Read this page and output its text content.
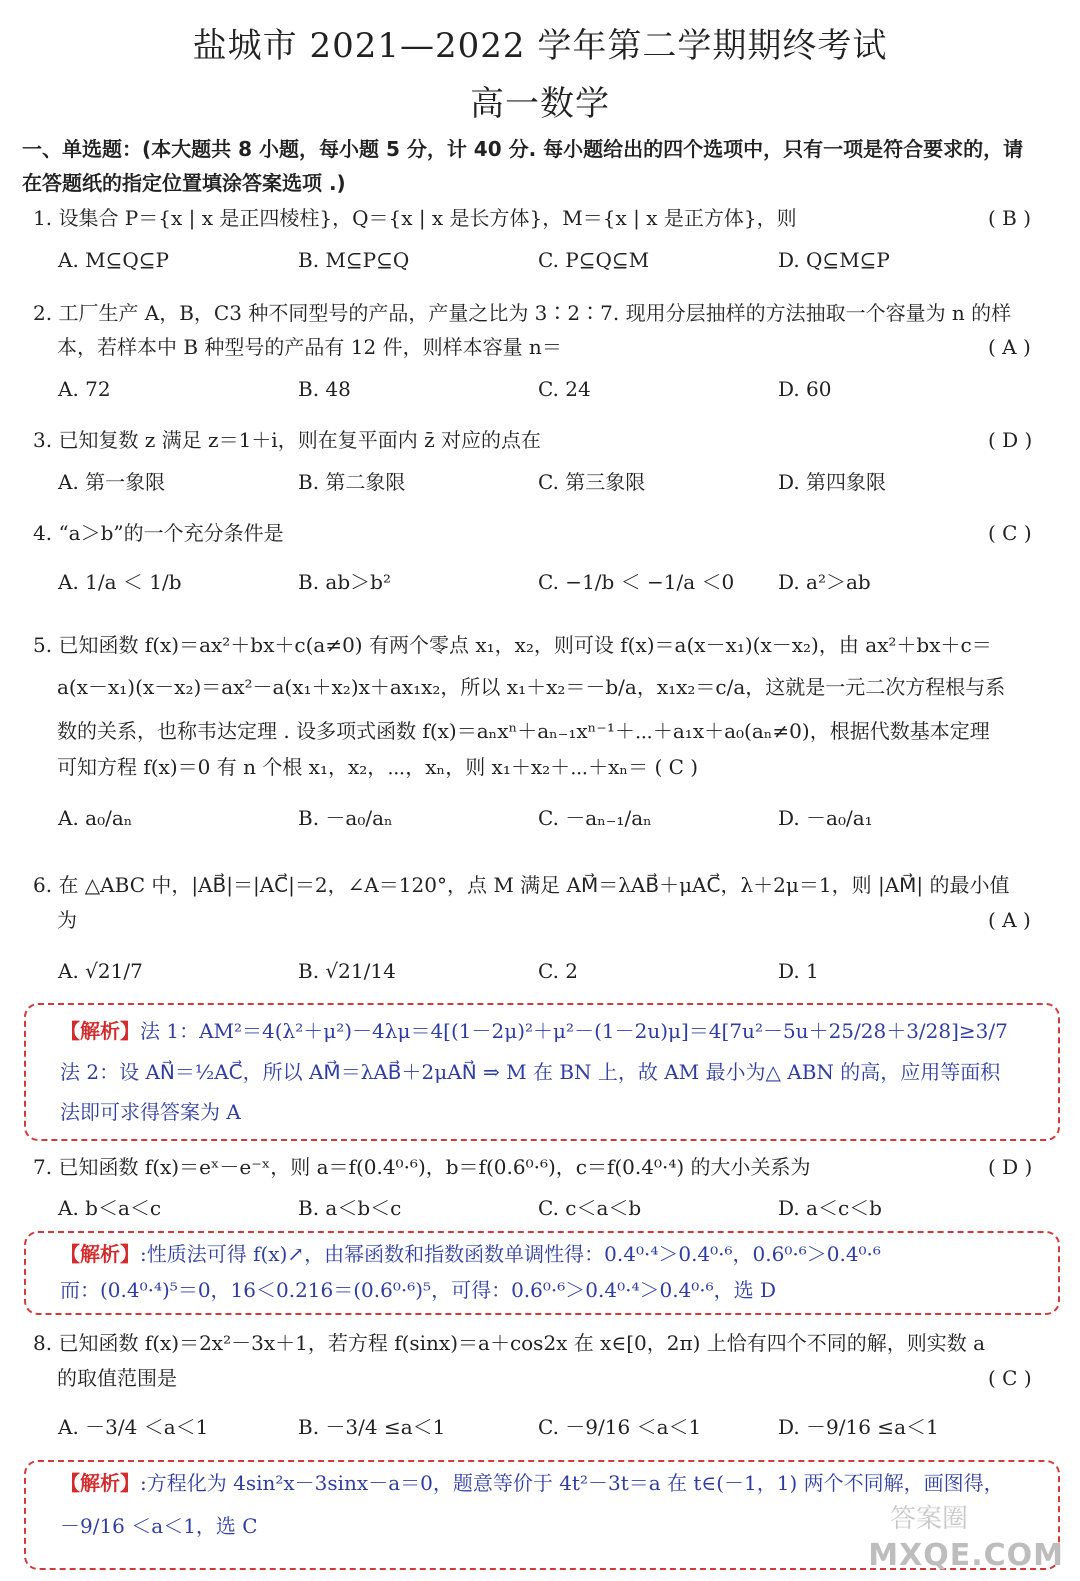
盐城市 2021—2022 学年第二学期期终考试
高一数学
一、单选题：(本大题共 8 小题，每小题 5 分，计 40 分. 每小题给出的四个选项中，只有一项是符合要求的，请
在答题纸的指定位置填涂答案选项 .)
1. 设集合 P＝{x | x 是正四棱柱}，Q＝{x | x 是长方体}，M＝{x | x 是正方体}，则	( B )
A. M⊆Q⊆P	B. M⊆P⊆Q	C. P⊆Q⊆M	D. Q⊆M⊆P
2. 工厂生产 A，B，C3 种不同型号的产品，产量之比为 3∶2∶7. 现用分层抽样的方法抽取一个容量为 n 的样
本，若样本中 B 种型号的产品有 12 件，则样本容量 n＝	( A )
A. 72	B. 48	C. 24	D. 60
3. 已知复数 z 满足 z＝1＋i，则在复平面内 z̄ 对应的点在	( D )
A. 第一象限	B. 第二象限	C. 第三象限	D. 第四象限
4. “a＞b”的一个充分条件是	( C )
A. 1/a ＜ 1/b	B. ab＞b²	C. −1/b ＜ −1/a ＜0 D. a²＞ab
5. 已知函数 f(x)＝ax²＋bx＋c(a≠0) 有两个零点 x₁，x₂，则可设 f(x)＝a(x－x₁)(x－x₂)，由 ax²＋bx＋c＝
a(x－x₁)(x－x₂)＝ax²－a(x₁＋x₂)x＋ax₁x₂，所以 x₁＋x₂＝－b/a，x₁x₂＝c/a，这就是一元二次方程根与系
数的关系，也称韦达定理 . 设多项式函数 f(x)＝aₙxⁿ＋aₙ₋₁xⁿ⁻¹＋⋯＋a₁x＋a₀(aₙ≠0)，根据代数基本定理
可知方程 f(x)＝0 有 n 个根 x₁，x₂，⋯，xₙ，则 x₁＋x₂＋⋯＋xₙ＝ ( C )
A. a₀/aₙ	B. －a₀/aₙ	C. －aₙ₋₁/aₙ	D. －a₀/a₁
6. 在 △ABC 中，|AB⃗|＝|AC⃗|＝2，∠A＝120°，点 M 满足 AM⃗＝λAB⃗＋μAC⃗，λ＋2μ＝1，则 |AM⃗| 的最小值
为	( A )
A. √21/7	B. √21/14	C. 2	D. 1
【解析】法 1：AM²＝4(λ²＋μ²)－4λμ＝4[(1－2μ)²＋μ²－(1－2u)μ]＝4[7u²－5u＋25/28＋3/28]≥3/7
法 2：设 AN⃗＝½AC⃗，所以 AM⃗＝λAB⃗＋2μAN⃗ ⇒ M 在 BN 上，故 AM 最小为△ ABN 的高，应用等面积
法即可求得答案为 A
7. 已知函数 f(x)＝eˣ－e⁻ˣ，则 a＝f(0.4⁰·⁶)，b＝f(0.6⁰·⁶)，c＝f(0.4⁰·⁴) 的大小关系为	( D )
A. b＜a＜c	B. a＜b＜c	C. c＜a＜b	D. a＜c＜b
【解析】:性质法可得 f(x)↗，由幂函数和指数函数单调性得：0.4⁰·⁴＞0.4⁰·⁶，0.6⁰·⁶＞0.4⁰·⁶
而：(0.4⁰·⁴)⁵＝0，16＜0.216＝(0.6⁰·⁶)⁵，可得：0.6⁰·⁶＞0.4⁰·⁴＞0.4⁰·⁶，选 D
8. 已知函数 f(x)＝2x²－3x＋1，若方程 f(sinx)＝a＋cos2x 在 x∈[0，2π) 上恰有四个不同的解，则实数 a
的取值范围是	( C )
A. －3/4 ＜a＜1	B. －3/4 ≤a＜1	C. －9/16 ＜a＜1	D. －9/16 ≤a＜1
【解析】:方程化为 4sin²x－3sinx－a＝0，题意等价于 4t²－3t＝a 在 t∈(－1，1) 两个不同解，画图得，
－9/16 ＜a＜1，选 C	答案圈
MXQE.COM
